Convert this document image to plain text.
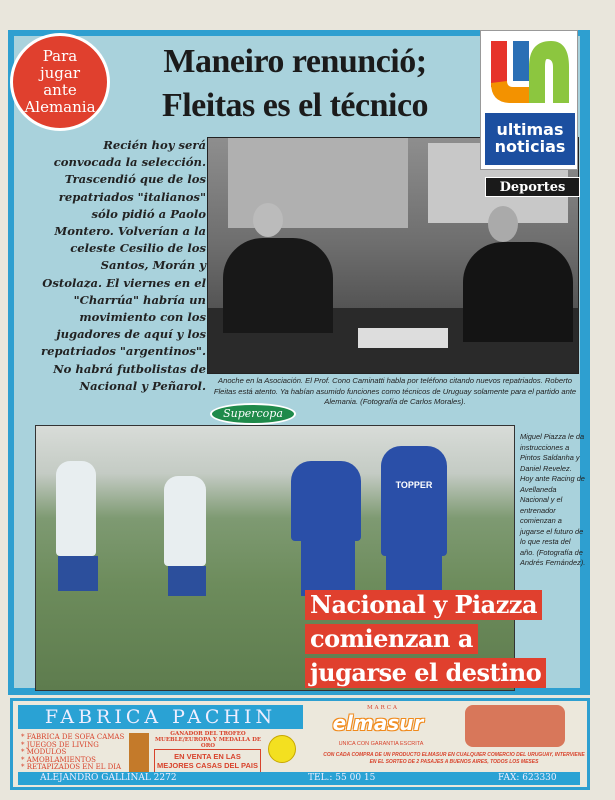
Para
jugar
ante
Alemania
Maneiro renunció;
Fleitas es el técnico
Recién hoy será convocada la selección. Trascendió que de los repatriados "italianos" sólo pidió a Paolo Montero. Volverían a la celeste Cesilio de los Santos, Morán y Ostolaza. El viernes en el "Charrúa" habría un movimiento con los jugadores de aquí y los repatriados "argentinos". No habrá futbolistas de Nacional y Peñarol.	Anoche en la Asociación. El Prof. Cono Caminatti habla por teléfono citando nuevos repatriados. Roberto Fleitas está atento. Ya habían asumido funciones como técnicos de Uruguay solamente para el partido ante Alemania. (Fotografía de Carlos Morales).
ultimas
noticias
Deportes
TOPPER
Supercopa
Miguel Piazza le da instrucciones a Pintos Saldanha y Daniel Revelez. Hoy ante Racing de Avellaneda Nacional y el entrenador comienzan a jugarse el futuro de lo que resta del año. (Fotografía de Andrés Fernández).
Nacional y Piazza
comienzan a
jugarse el destino
FABRICA PACHIN
* FABRICA DE SOFA CAMAS
* JUEGOS DE LIVING
* MODULOS
* AMOBLAMIENTOS
* RETAPIZADOS EN EL DIA
GANADOR DEL TROFEO MUEBLE/EUROPA Y MEDALLA DE ORO
EN VENTA EN LAS MEJORES CASAS DEL PAIS
MARCA
elmasur
UNICA CON GARANTIA ESCRITA
CON CADA COMPRA DE UN PRODUCTO ELMASUR EN CUALQUIER COMERCIO DEL URUGUAY, INTERVIENE EN EL SORTEO DE 2 PASAJES A BUENOS AIRES, TODOS LOS MESES
ALEJANDRO GALLINAL 2272	TEL.: 55 00 15	FAX: 623330
